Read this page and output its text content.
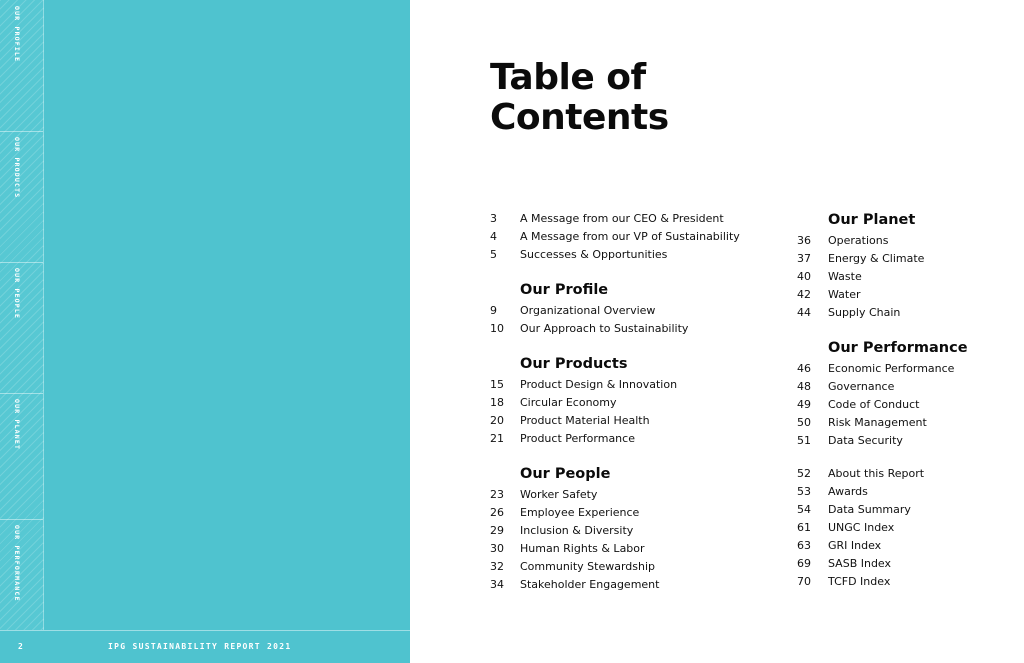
OUR PROFILE
OUR PRODUCTS
OUR PEOPLE
OUR PLANET
OUR PERFORMANCE
2	IPG SUSTAINABILITY REPORT 2021
Table of Contents
3	A Message from our CEO & President
4	A Message from our VP of Sustainability
5	Successes & Opportunities
Our Profile
9	Organizational Overview
10	Our Approach to Sustainability
Our Products
15	Product Design & Innovation
18	Circular Economy
20	Product Material Health
21	Product Performance
Our People
23	Worker Safety
26	Employee Experience
29	Inclusion & Diversity
30	Human Rights & Labor
32	Community Stewardship
34	Stakeholder Engagement
Our Planet
36	Operations
37	Energy & Climate
40	Waste
42	Water
44	Supply Chain
Our Performance
46	Economic Performance
48	Governance
49	Code of Conduct
50	Risk Management
51	Data Security
52	About this Report
53	Awards
54	Data Summary
61	UNGC Index
63	GRI Index
69	SASB Index
70	TCFD Index
